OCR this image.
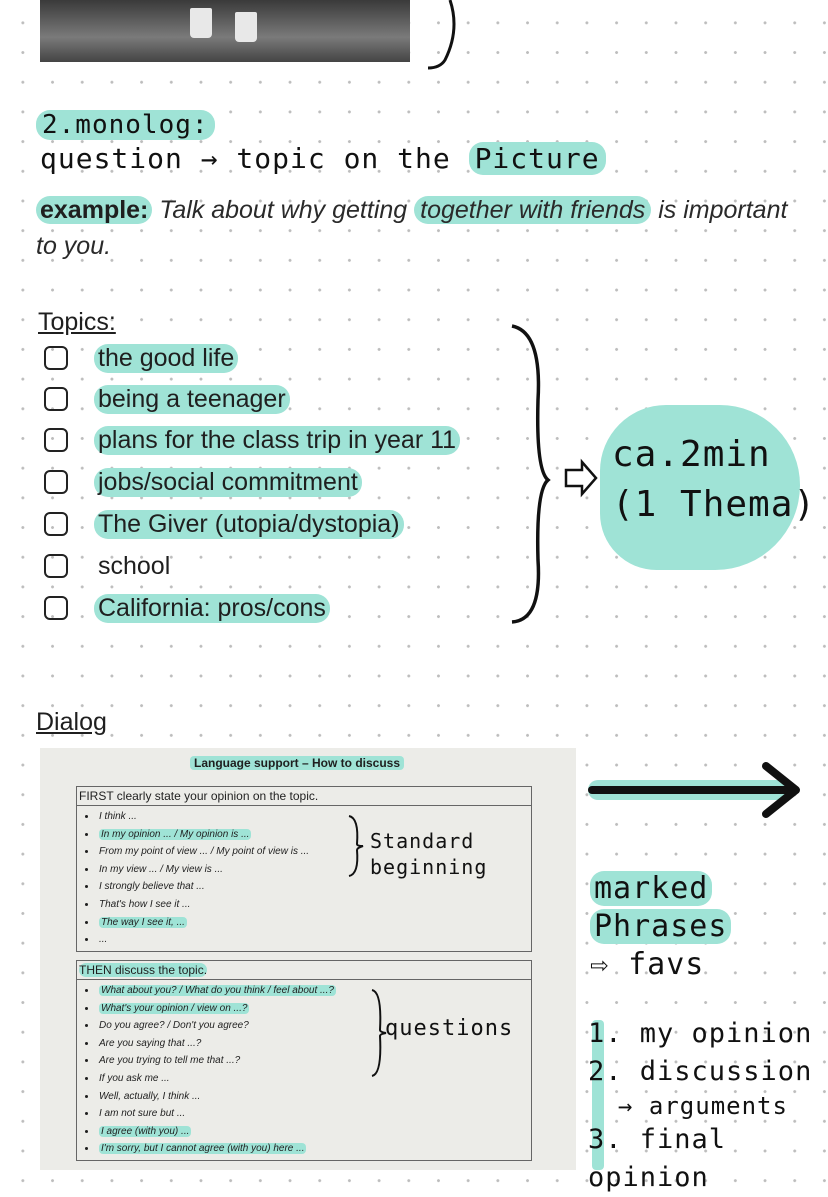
2.monolog:
question → topic on the Picture
example: Talk about why getting together with friends is important to you.
Topics:
the good life
being a teenager
plans for the class trip in year 11
jobs/social commitment
The Giver (utopia/dystopia)
school
California: pros/cons
ca.2min
(1 Thema)
Dialog
Language support – How to discuss
FIRST clearly state your opinion on the topic.
• I think ...
• In my opinion ... / My opinion is ...
• From my point of view ... / My point of view is ...
• In my view ... / My view is ...
• I strongly believe that ...
• That's how I see it ...
• The way I see it, ...
• ...
THEN discuss the topic.
• What about you? / What do you think / feel about ...?
• What's your opinion / view on ...?
• Do you agree? / Don't you agree?
• Are you saying that ...?
• Are you trying to tell me that ...?
• If you ask me ...
• Well, actually, I think ...
• I am not sure but ...
• I agree (with you) ...
• I'm sorry, but I cannot agree (with you) here ...
Standard
beginning
questions
marked
Phrases
⇨ favs
1. my opinion
2. discussion
→ arguments
3. final opinion
